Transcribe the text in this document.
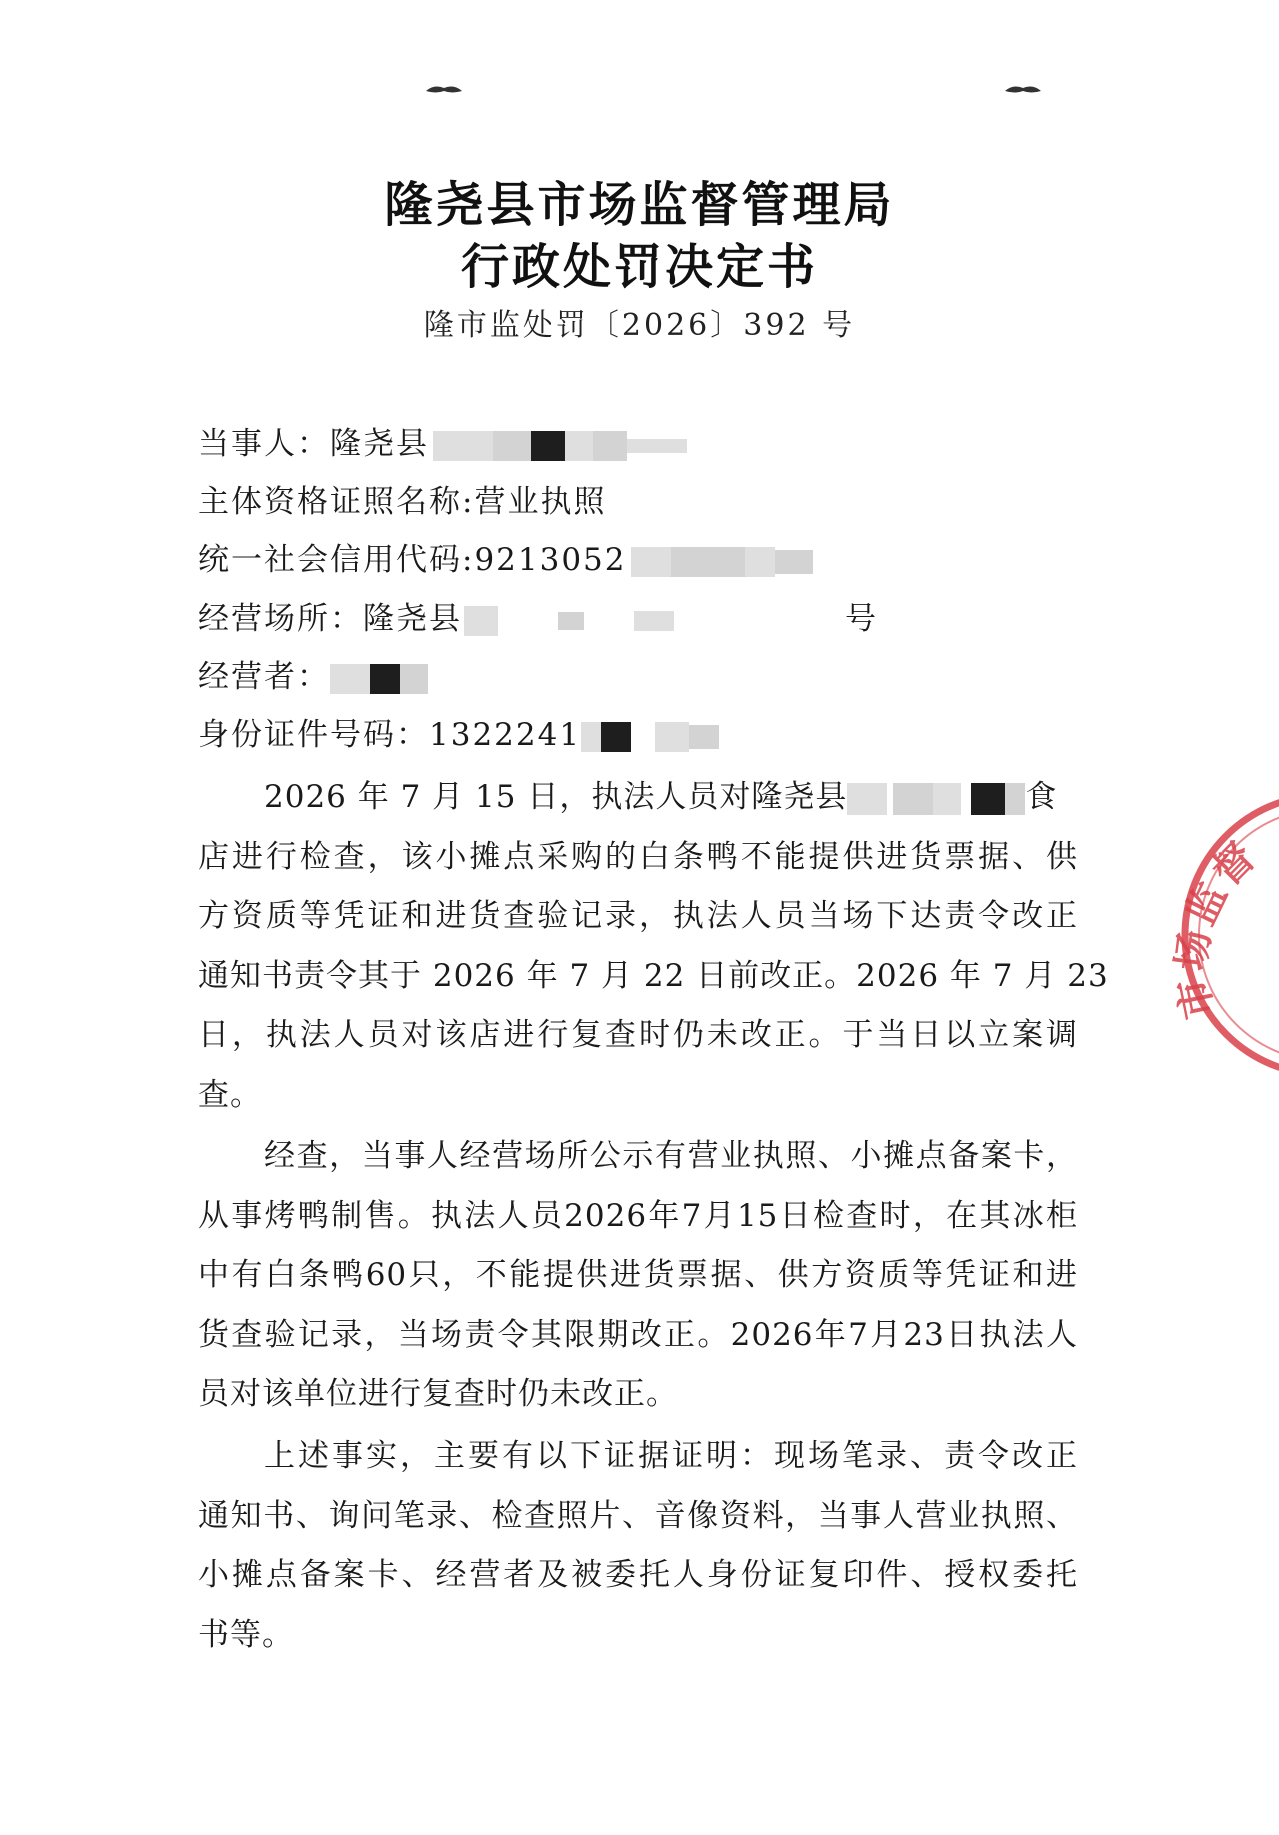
隆尧县市场监督管理局
行政处罚决定书
隆市监处罚〔2026〕392 号
当事人：隆尧县
主体资格证照名称:营业执照
统一社会信用代码:9213052
经营场所：隆尧县	号
经营者：
身份证件号码：1322241
2026 年 7 月 15 日，执法人员对隆尧县	食
店进行检查，该小摊点采购的白条鸭不能提供进货票据、供
方资质等凭证和进货查验记录，执法人员当场下达责令改正
通知书责令其于 2026 年 7 月 22 日前改正。2026 年 7 月 23
日，执法人员对该店进行复查时仍未改正。于当日以立案调
查。
经查，当事人经营场所公示有营业执照、小摊点备案卡，
从事烤鸭制售。执法人员2026年7月15日检查时，在其冰柜
中有白条鸭60只，不能提供进货票据、供方资质等凭证和进
货查验记录，当场责令其限期改正。2026年7月23日执法人
员对该单位进行复查时仍未改正。
上述事实，主要有以下证据证明：现场笔录、责令改正
通知书、询问笔录、检查照片、音像资料，当事人营业执照、
小摊点备案卡、经营者及被委托人身份证复印件、授权委托
书等。
市场监督
